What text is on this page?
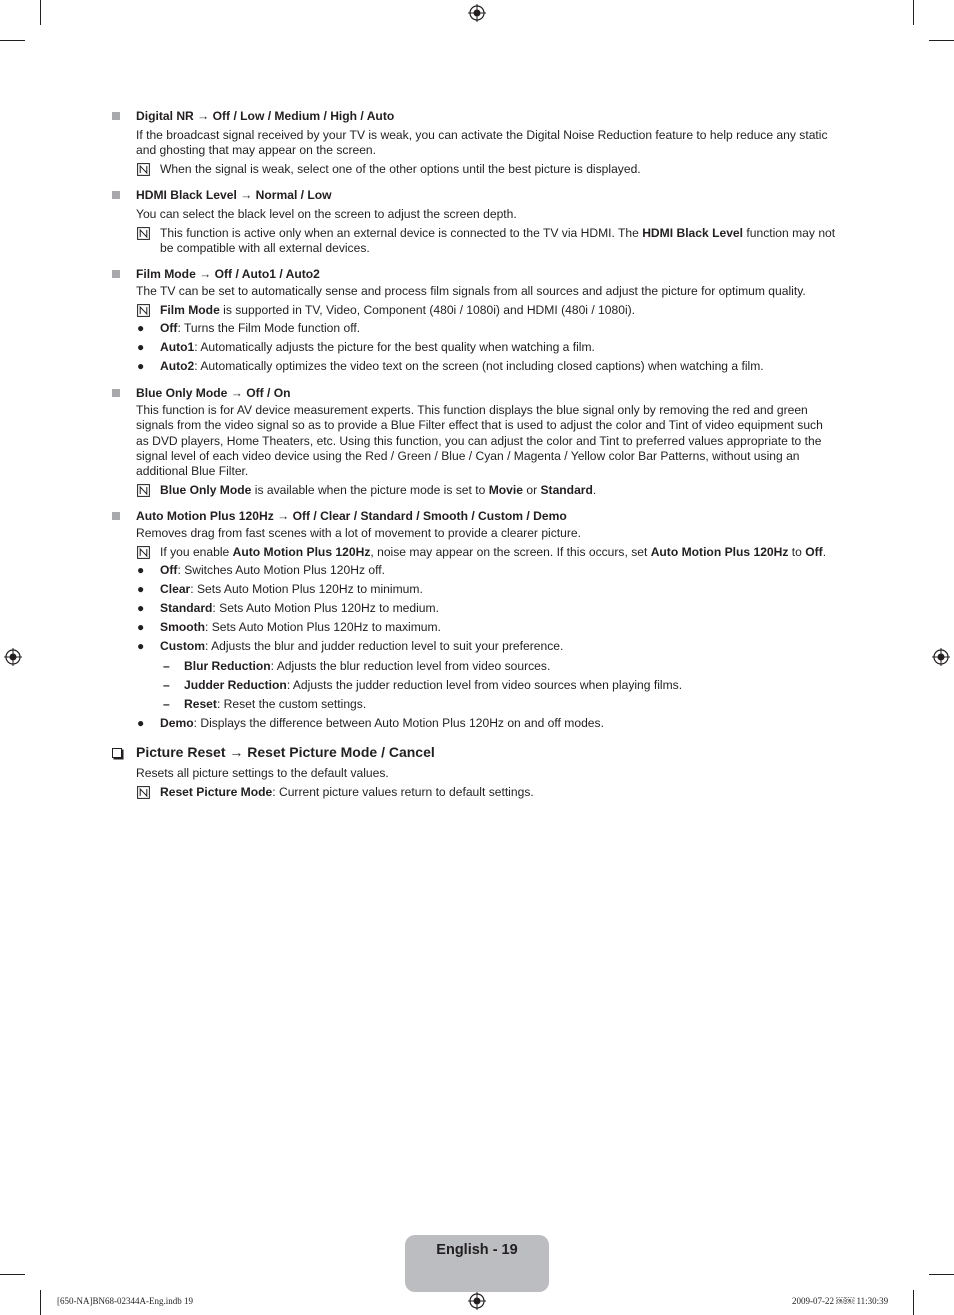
Digital NR → Off / Low / Medium / High / Auto
If the broadcast signal received by your TV is weak, you can activate the Digital Noise Reduction feature to help reduce any static and ghosting that may appear on the screen.
When the signal is weak, select one of the other options until the best picture is displayed.
HDMI Black Level → Normal / Low
You can select the black level on the screen to adjust the screen depth.
This function is active only when an external device is connected to the TV via HDMI. The HDMI Black Level function may not be compatible with all external devices.
Film Mode → Off / Auto1 / Auto2
The TV can be set to automatically sense and process film signals from all sources and adjust the picture for optimum quality.
Film Mode is supported in TV, Video, Component (480i / 1080i) and HDMI (480i / 1080i).
● Off: Turns the Film Mode function off.
● Auto1: Automatically adjusts the picture for the best quality when watching a film.
● Auto2: Automatically optimizes the video text on the screen (not including closed captions) when watching a film.
Blue Only Mode → Off / On
This function is for AV device measurement experts. This function displays the blue signal only by removing the red and green signals from the video signal so as to provide a Blue Filter effect that is used to adjust the color and Tint of video equipment such as DVD players, Home Theaters, etc. Using this function, you can adjust the color and Tint to preferred values appropriate to the signal level of each video device using the Red / Green / Blue / Cyan / Magenta / Yellow color Bar Patterns, without using an additional Blue Filter.
Blue Only Mode is available when the picture mode is set to Movie or Standard.
Auto Motion Plus 120Hz → Off / Clear / Standard / Smooth / Custom / Demo
Removes drag from fast scenes with a lot of movement to provide a clearer picture.
If you enable Auto Motion Plus 120Hz, noise may appear on the screen. If this occurs, set Auto Motion Plus 120Hz to Off.
● Off: Switches Auto Motion Plus 120Hz off.
● Clear: Sets Auto Motion Plus 120Hz to minimum.
● Standard: Sets Auto Motion Plus 120Hz to medium.
● Smooth: Sets Auto Motion Plus 120Hz to maximum.
● Custom: Adjusts the blur and judder reduction level to suit your preference.
– Blur Reduction: Adjusts the blur reduction level from video sources.
– Judder Reduction: Adjusts the judder reduction level from video sources when playing films.
– Reset: Reset the custom settings.
● Demo: Displays the difference between Auto Motion Plus 120Hz on and off modes.
Picture Reset → Reset Picture Mode / Cancel
Resets all picture settings to the default values.
Reset Picture Mode: Current picture values return to default settings.
English - 19
[650-NA]BN68-02344A-Eng.indb 19	2009-07-22 ￼￼ 11:30:39
